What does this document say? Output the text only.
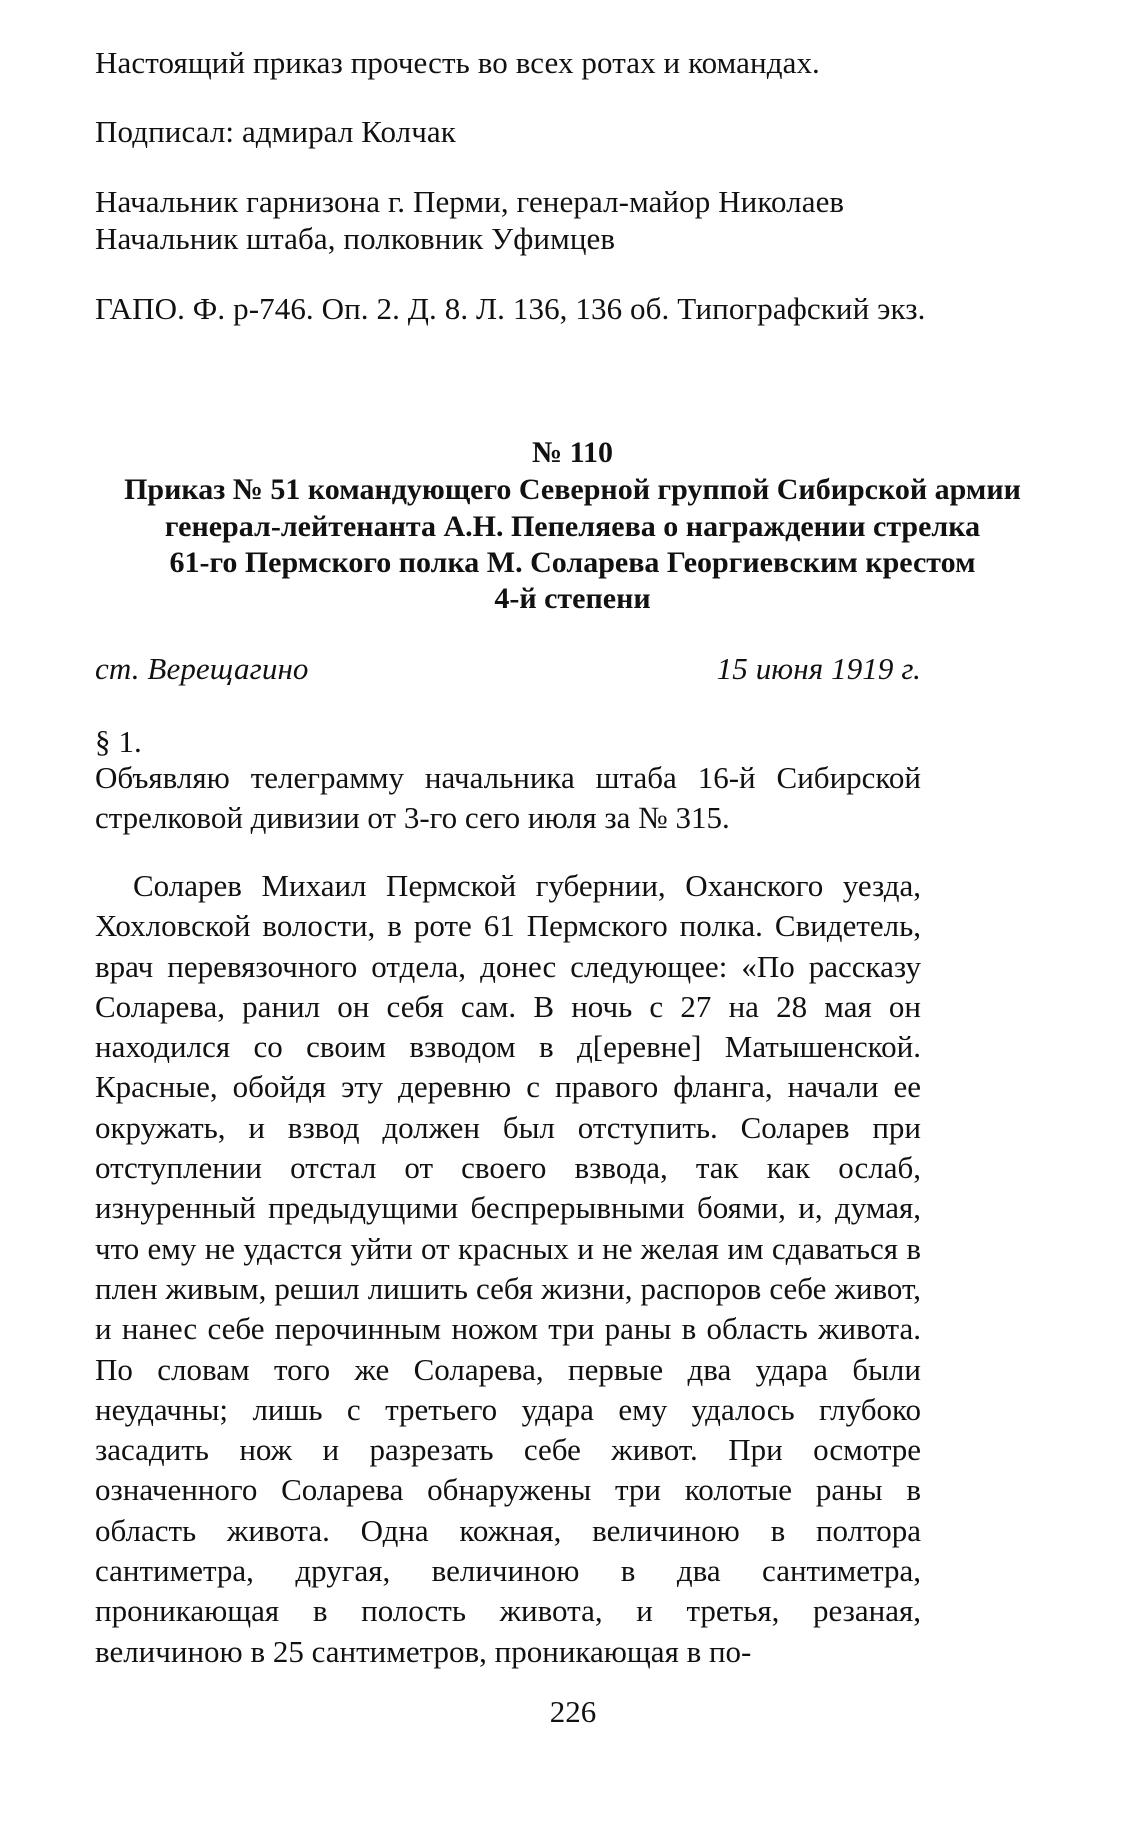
Настоящий приказ прочесть во всех ротах и командах.
Подписал: адмирал Колчак
Начальник гарнизона г. Перми, генерал-майор Николаев
Начальник штаба, полковник Уфимцев
ГАПО. Ф. р-746. Оп. 2. Д. 8. Л. 136, 136 об. Типографский экз.
№ 110
Приказ № 51 командующего Северной группой Сибирской армии
генерал-лейтенанта А.Н. Пепеляева о награждении стрелка
61-го Пермского полка М. Соларева Георгиевским крестом
4-й степени
ст. Верещагино	15 июня 1919 г.
§ 1.

Объявляю телеграмму начальника штаба 16-й Сибирской стрелковой дивизии от 3-го сего июля за № 315.

Соларев Михаил Пермской губернии, Оханского уезда, Хохловской волости, в роте 61 Пермского полка. Свидетель, врач перевязочного отдела, донес следующее: «По рассказу Соларева, ранил он себя сам. В ночь с 27 на 28 мая он находился со своим взводом в д[еревне] Матышенской. Красные, обойдя эту деревню с правого фланга, начали ее окружать, и взвод должен был отступить. Соларев при отступлении отстал от своего взвода, так как ослаб, изнуренный предыдущими беспрерывными боями, и, думая, что ему не удастся уйти от красных и не желая им сдаваться в плен живым, решил лишить себя жизни, распоров себе живот, и нанес себе перочинным ножом три раны в область живота. По словам того же Соларева, первые два удара были неудачны; лишь с третьего удара ему удалось глубоко засадить нож и разрезать себе живот. При осмотре означенного Соларева обнаружены три колотые раны в область живота. Одна кожная, величиною в полтора сантиметра, другая, величиною в два сантиметра, проникающая в полость живота, и третья, резаная, величиною в 25 сантиметров, проникающая в по-

226
